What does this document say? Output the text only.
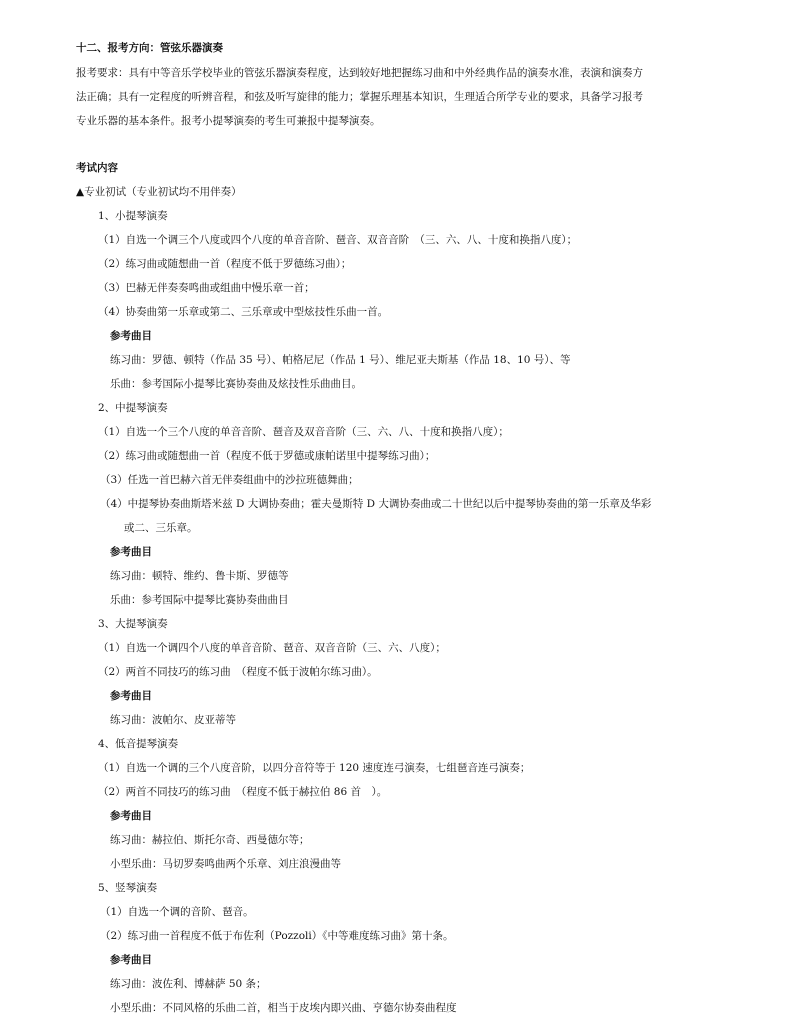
十二、报考方向：管弦乐器演奏
报考要求：具有中等音乐学校毕业的管弦乐器演奏程度，达到较好地把握练习曲和中外经典作品的演奏水准，表演和演奏方
法正确；具有一定程度的听辨音程，和弦及听写旋律的能力；掌握乐理基本知识，生理适合所学专业的要求，具备学习报考
专业乐器的基本条件。报考小提琴演奏的考生可兼报中提琴演奏。
考试内容
▲专业初试（专业初试均不用伴奏）
1、小提琴演奏
（1）自选一个调三个八度或四个八度的单音音阶、琶音、双音音阶　（三、六、八、十度和换指八度）；
（2）练习曲或随想曲一首（程度不低于罗德练习曲）；
（3）巴赫无伴奏奏鸣曲或组曲中慢乐章一首；
（4）协奏曲第一乐章或第二、三乐章或中型炫技性乐曲一首。
参考曲目
练习曲：罗德、顿特（作品 35 号）、帕格尼尼（作品 1 号）、维尼亚夫斯基（作品 18、10 号）、等
乐曲：参考国际小提琴比赛协奏曲及炫技性乐曲曲目。
2、中提琴演奏
（1）自选一个三个八度的单音音阶、琶音及双音音阶（三、六、八、十度和换指八度）；
（2）练习曲或随想曲一首（程度不低于罗德或康帕诺里中提琴练习曲）；
（3）任选一首巴赫六首无伴奏组曲中的沙拉班德舞曲；
（4）中提琴协奏曲斯塔米兹 D 大调协奏曲；霍夫曼斯特 D 大调协奏曲或二十世纪以后中提琴协奏曲的第一乐章及华彩
或二、三乐章。
参考曲目
练习曲：顿特、维约、鲁卡斯、罗德等
乐曲：参考国际中提琴比赛协奏曲曲目
3、大提琴演奏
（1）自选一个调四个八度的单音音阶、琶音、双音音阶（三、六、八度）；
（2）两首不同技巧的练习曲　（程度不低于波帕尔练习曲）。
参考曲目
练习曲：波帕尔、皮亚蒂等
4、低音提琴演奏
（1）自选一个调的三个八度音阶，以四分音符等于 120 速度连弓演奏，七组琶音连弓演奏；
（2）两首不同技巧的练习曲　（程度不低于赫拉伯 86 首　）。
参考曲目
练习曲：赫拉伯、斯托尔奇、西曼德尔等；
小型乐曲：马切罗奏鸣曲两个乐章、刘庄浪漫曲等
5、竖琴演奏
（1）自选一个调的音阶、琶音。
（2）练习曲一首程度不低于布佐利（Pozzoli）《中等难度练习曲》第十条。
参考曲目
练习曲：波佐利、博赫萨 50 条；
小型乐曲：不同风格的乐曲二首，相当于皮埃内即兴曲、亨德尔协奏曲程度
